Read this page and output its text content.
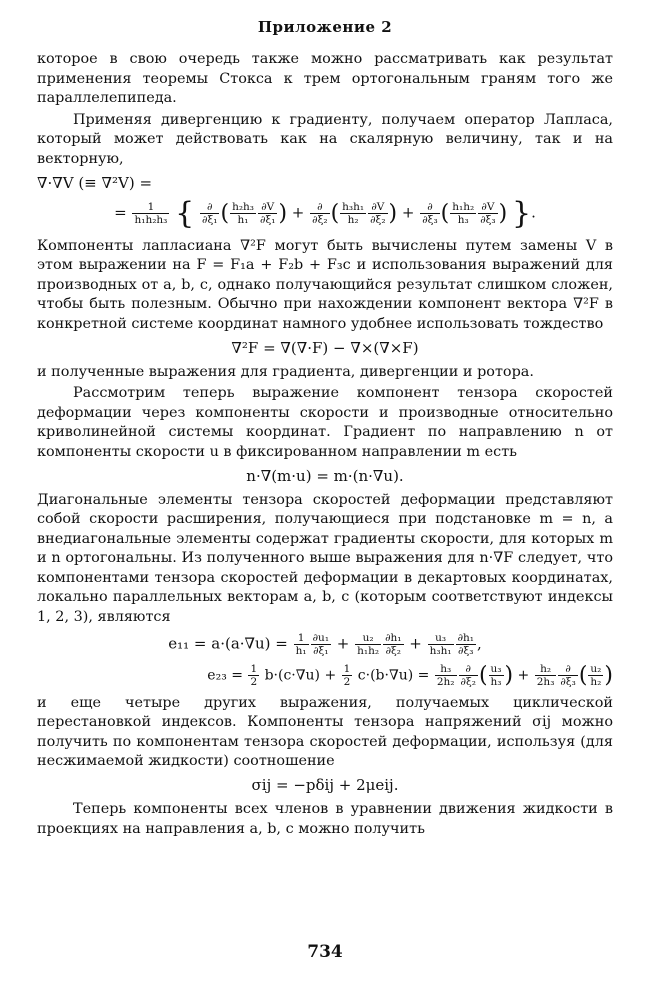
Приложение 2

которое в свою очередь также можно рассматривать как результат применения теоремы Стокса к трем ортогональным граням того же параллелепипеда.

Применяя дивергенцию к градиенту, получаем оператор Лапласа, который может действовать как на скалярную величину, так и на векторную,

∇·∇V (≡ ∇²V) =
= $\frac{1}{\text{h₁h₂h₃}}$ {	∂
∂ξ₁ ( $\frac{\text{h₂h₃}}{\text{h₁}} \frac{\partial V}{\text{∂ξ₁}}$ ) + ∂
∂ξ₂ ( $\frac{\text{h₃h₁}}{\text{h₂}} \frac{\partial V}{\text{∂ξ₂}}$ ) + ∂
∂ξ₃ ( $\frac{\text{h₁h₂}}{\text{h₃}} \frac{\partial V}{\text{∂ξ₃}}$ ) }.

Компоненты лапласиана ∇²F могут быть вычислены путем замены V в этом выражении на F = F₁a + F₂b + F₃c и использования выражений для производных от a, b, c, однако получающийся результат слишком сложен, чтобы быть полезным. Обычно при нахождении компонент вектора ∇²F в конкретной системе координат намного удобнее использовать тождество

∇²F = ∇(∇·F) − ∇×(∇×F)

и полученные выражения для градиента, дивергенции и ротора.

Рассмотрим теперь выражение компонент тензора скоростей деформации через компоненты скорости и производные относительно криволинейной системы координат. Градиент по направлению n от компоненты скорости u в фиксированном направлении m есть

n·∇(m·u) = m·(n·∇u).

Диагональные элементы тензора скоростей деформации представляют собой скорости расширения, получающиеся при подстановке m = n, а внедиагональные элементы содержат градиенты скорости, для которых m и n ортогональны. Из полученного выше выражения для n·∇F следует, что компонентами тензора скоростей деформации в декартовых координатах, локально параллельных векторам a, b, c (которым соответствуют индексы 1, 2, 3), являются

$e_{11} = a\cdot(a\cdot\nabla u) = \frac{1}{\text{h₁}} \frac{\text{∂u₁}}{\text{∂ξ₁}} + \frac{\text{u₂}}{\text{h₁h₂}} \frac{\text{∂h₁}}{\text{∂ξ₂}} + \frac{\text{u₃}}{\text{h₃h₁}} \frac{\text{∂h₁}}{\text{∂ξ₃}}$ ,
$e_{23} = \frac{1}{2} b\cdot(c\cdot\nabla u) + \frac{1}{2} c\cdot(b\cdot\nabla u) = \frac{\text{h₃}}{\text{2h₂}}$ ∂
∂ξ₂ ( $\frac{\text{u₃}}{\text{h₃}}$ ) + $\frac{\text{h₂}}{\text{2h₃}}$ ∂
∂ξ₃ ( $\frac{\text{u₂}}{\text{h₂}}$ )

и еще четыре других выражения, получаемых циклической перестановкой индексов. Компоненты тензора напряжений σij можно получить по компонентам тензора скоростей деформации, используя (для несжимаемой жидкости) соотношение

σij = −pδij + 2μeij.

Теперь компоненты всех членов в уравнении движения жидкости в проекциях на направления a, b, c можно получить

734
